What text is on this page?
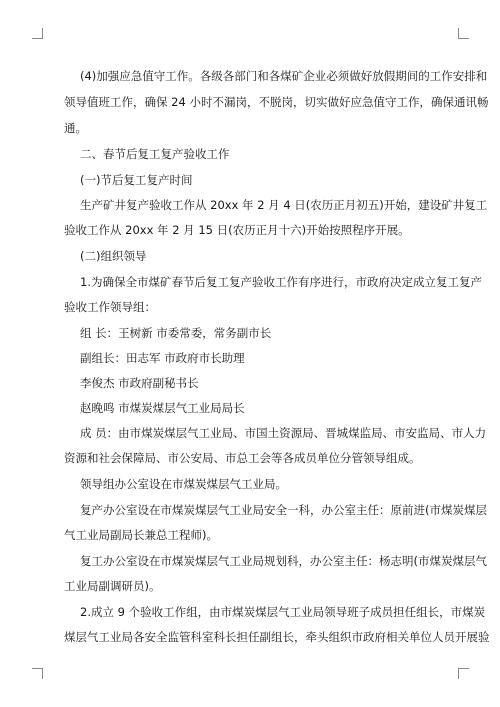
(4)加强应急值守工作。各级各部门和各煤矿企业必须做好放假期间的工作安排和
领导值班工作，确保 24 小时不漏岗，不脱岗，切实做好应急值守工作，确保通讯畅
通。
二、春节后复工复产验收工作
(一)节后复工复产时间
生产矿井复产验收工作从 20xx 年 2 月 4 日(农历正月初五)开始，建设矿井复工
验收工作从 20xx 年 2 月 15 日(农历正月十六)开始按照程序开展。
(二)组织领导
1.为确保全市煤矿春节后复工复产验收工作有序进行，市政府决定成立复工复产
验收工作领导组：
组 长：王树新 市委常委，常务副市长
副组长：田志军 市政府市长助理
李俊杰 市政府副秘书长
赵晚鸣 市煤炭煤层气工业局局长
成 员：由市煤炭煤层气工业局、市国土资源局、晋城煤监局、市安监局、市人力
资源和社会保障局、市公安局、市总工会等各成员单位分管领导组成。
领导组办公室设在市煤炭煤层气工业局。
复产办公室设在市煤炭煤层气工业局安全一科，办公室主任：原前进(市煤炭煤层
气工业局副局长兼总工程师)。
复工办公室设在市煤炭煤层气工业局规划科，办公室主任：杨志明(市煤炭煤层气
工业局副调研员)。
2.成立 9 个验收工作组，由市煤炭煤层气工业局领导班子成员担任组长，市煤炭
煤层气工业局各安全监管科室科长担任副组长，牵头组织市政府相关单位人员开展验
